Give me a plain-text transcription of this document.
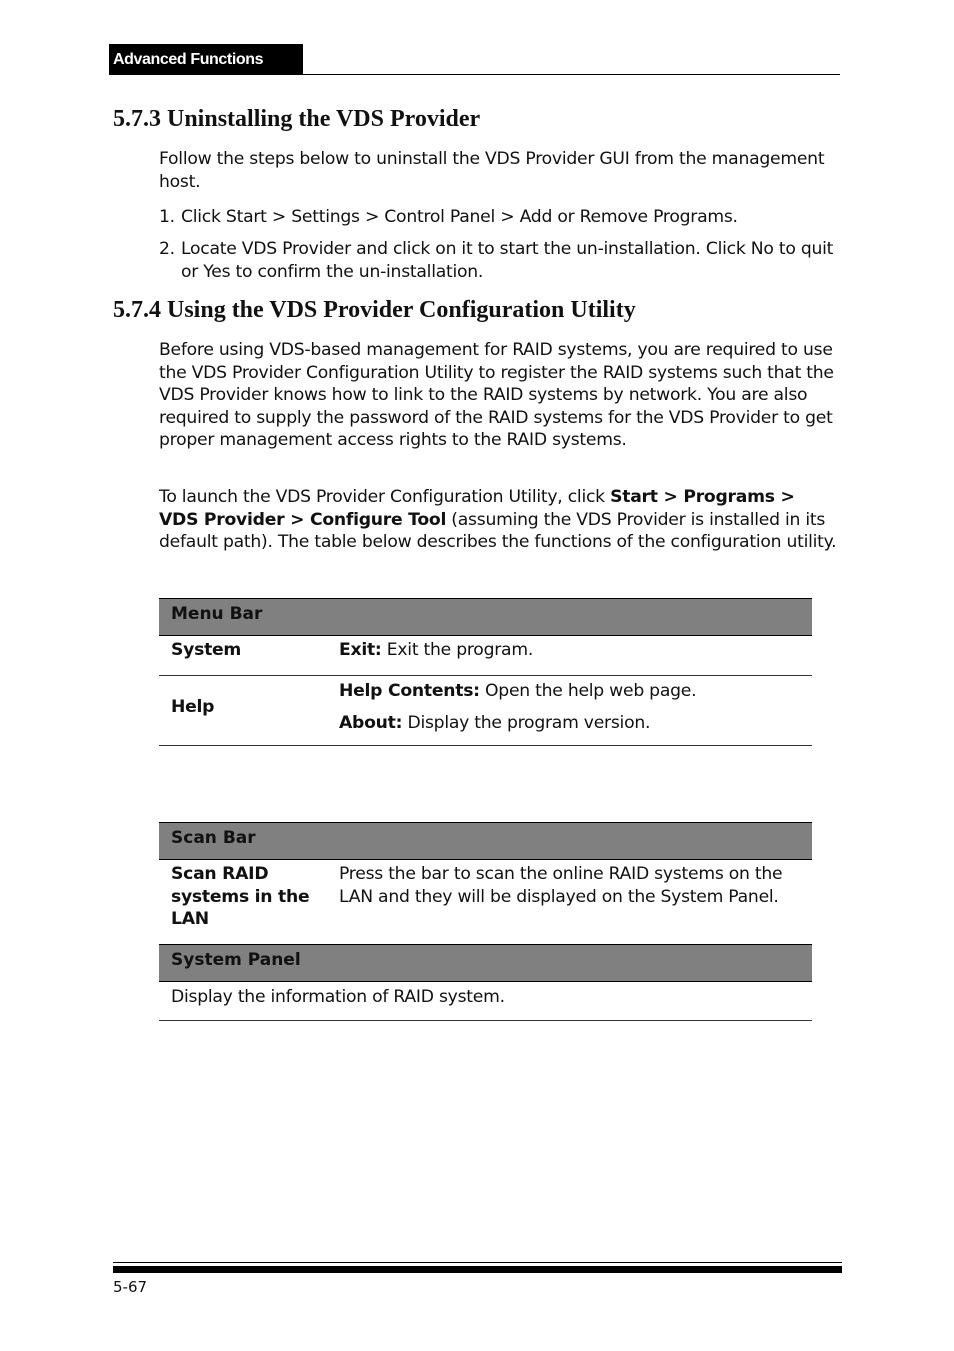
Advanced Functions
5.7.3 Uninstalling the VDS Provider

Follow the steps below to uninstall the VDS Provider GUI from the management host.

1. Click Start > Settings > Control Panel > Add or Remove Programs.
2. Locate VDS Provider and click on it to start the un-installation. Click No to quit or Yes to confirm the un-installation.
5.7.4 Using the VDS Provider Configuration Utility

Before using VDS-based management for RAID systems, you are required to use the VDS Provider Configuration Utility to register the RAID systems such that the VDS Provider knows how to link to the RAID systems by network. You are also required to supply the password of the RAID systems for the VDS Provider to get proper management access rights to the RAID systems.

To launch the VDS Provider Configuration Utility, click Start > Programs > VDS Provider > Configure Tool (assuming the VDS Provider is installed in its default path). The table below describes the functions of the configuration utility.

Menu Bar
System	Exit: Exit the program.
Help
Help Contents: Open the help web page.
About: Display the program version.
Scan Bar
Scan RAID systems in the LAN
Press the bar to scan the online RAID systems on the LAN and they will be displayed on the System Panel.
System Panel
Display the information of RAID system.
5-67
